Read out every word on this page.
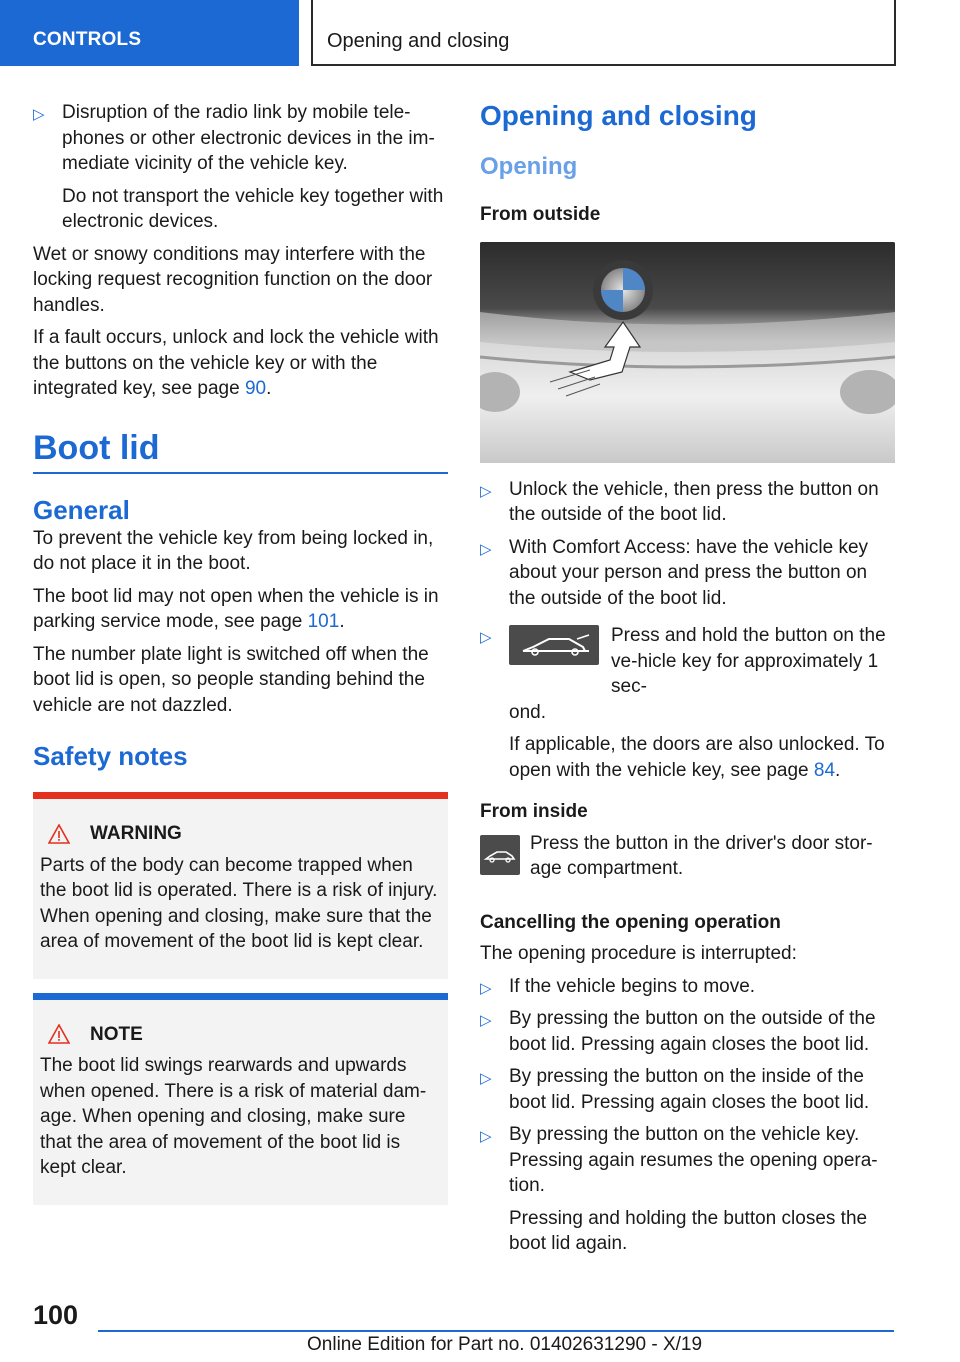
CONTROLS	Opening and closing
▷ Disruption of the radio link by mobile tele-phones or other electronic devices in the im-mediate vicinity of the vehicle key.
Do not transport the vehicle key together with electronic devices.

Wet or snowy conditions may interfere with the locking request recognition function on the door handles.

If a fault occurs, unlock and lock the vehicle with the buttons on the vehicle key or with the integrated key, see page 90.

Boot lid
General

To prevent the vehicle key from being locked in, do not place it in the boot.

The boot lid may not open when the vehicle is in parking service mode, see page 101.

The number plate light is switched off when the boot lid is open, so people standing behind the vehicle are not dazzled.

Safety notes
WARNING
Parts of the body can become trapped when the boot lid is operated. There is a risk of injury. When opening and closing, make sure that the area of movement of the boot lid is kept clear.
NOTE
The boot lid swings rearwards and upwards when opened. There is a risk of material dam-age. When opening and closing, make sure that the area of movement of the boot lid is kept clear.
Opening and closing
Opening
From outside
▷ Unlock the vehicle, then press the button on the outside of the boot lid.
▷ With Comfort Access: have the vehicle key about your person and press the button on the outside of the boot lid.
▷	Press and hold the button on the ve-hicle key for approximately 1 sec-
ond.
If applicable, the doors are also unlocked. To open with the vehicle key, see page 84.
From inside
Press the button in the driver's door stor-age compartment.
Cancelling the opening operation

The opening procedure is interrupted:

▷ If the vehicle begins to move.
▷ By pressing the button on the outside of the boot lid. Pressing again closes the boot lid.
▷ By pressing the button on the inside of the boot lid. Pressing again closes the boot lid.
▷ By pressing the button on the vehicle key. Pressing again resumes the opening opera-tion.
Pressing and holding the button closes the boot lid again.
100
Online Edition for Part no. 01402631290 - X/19
